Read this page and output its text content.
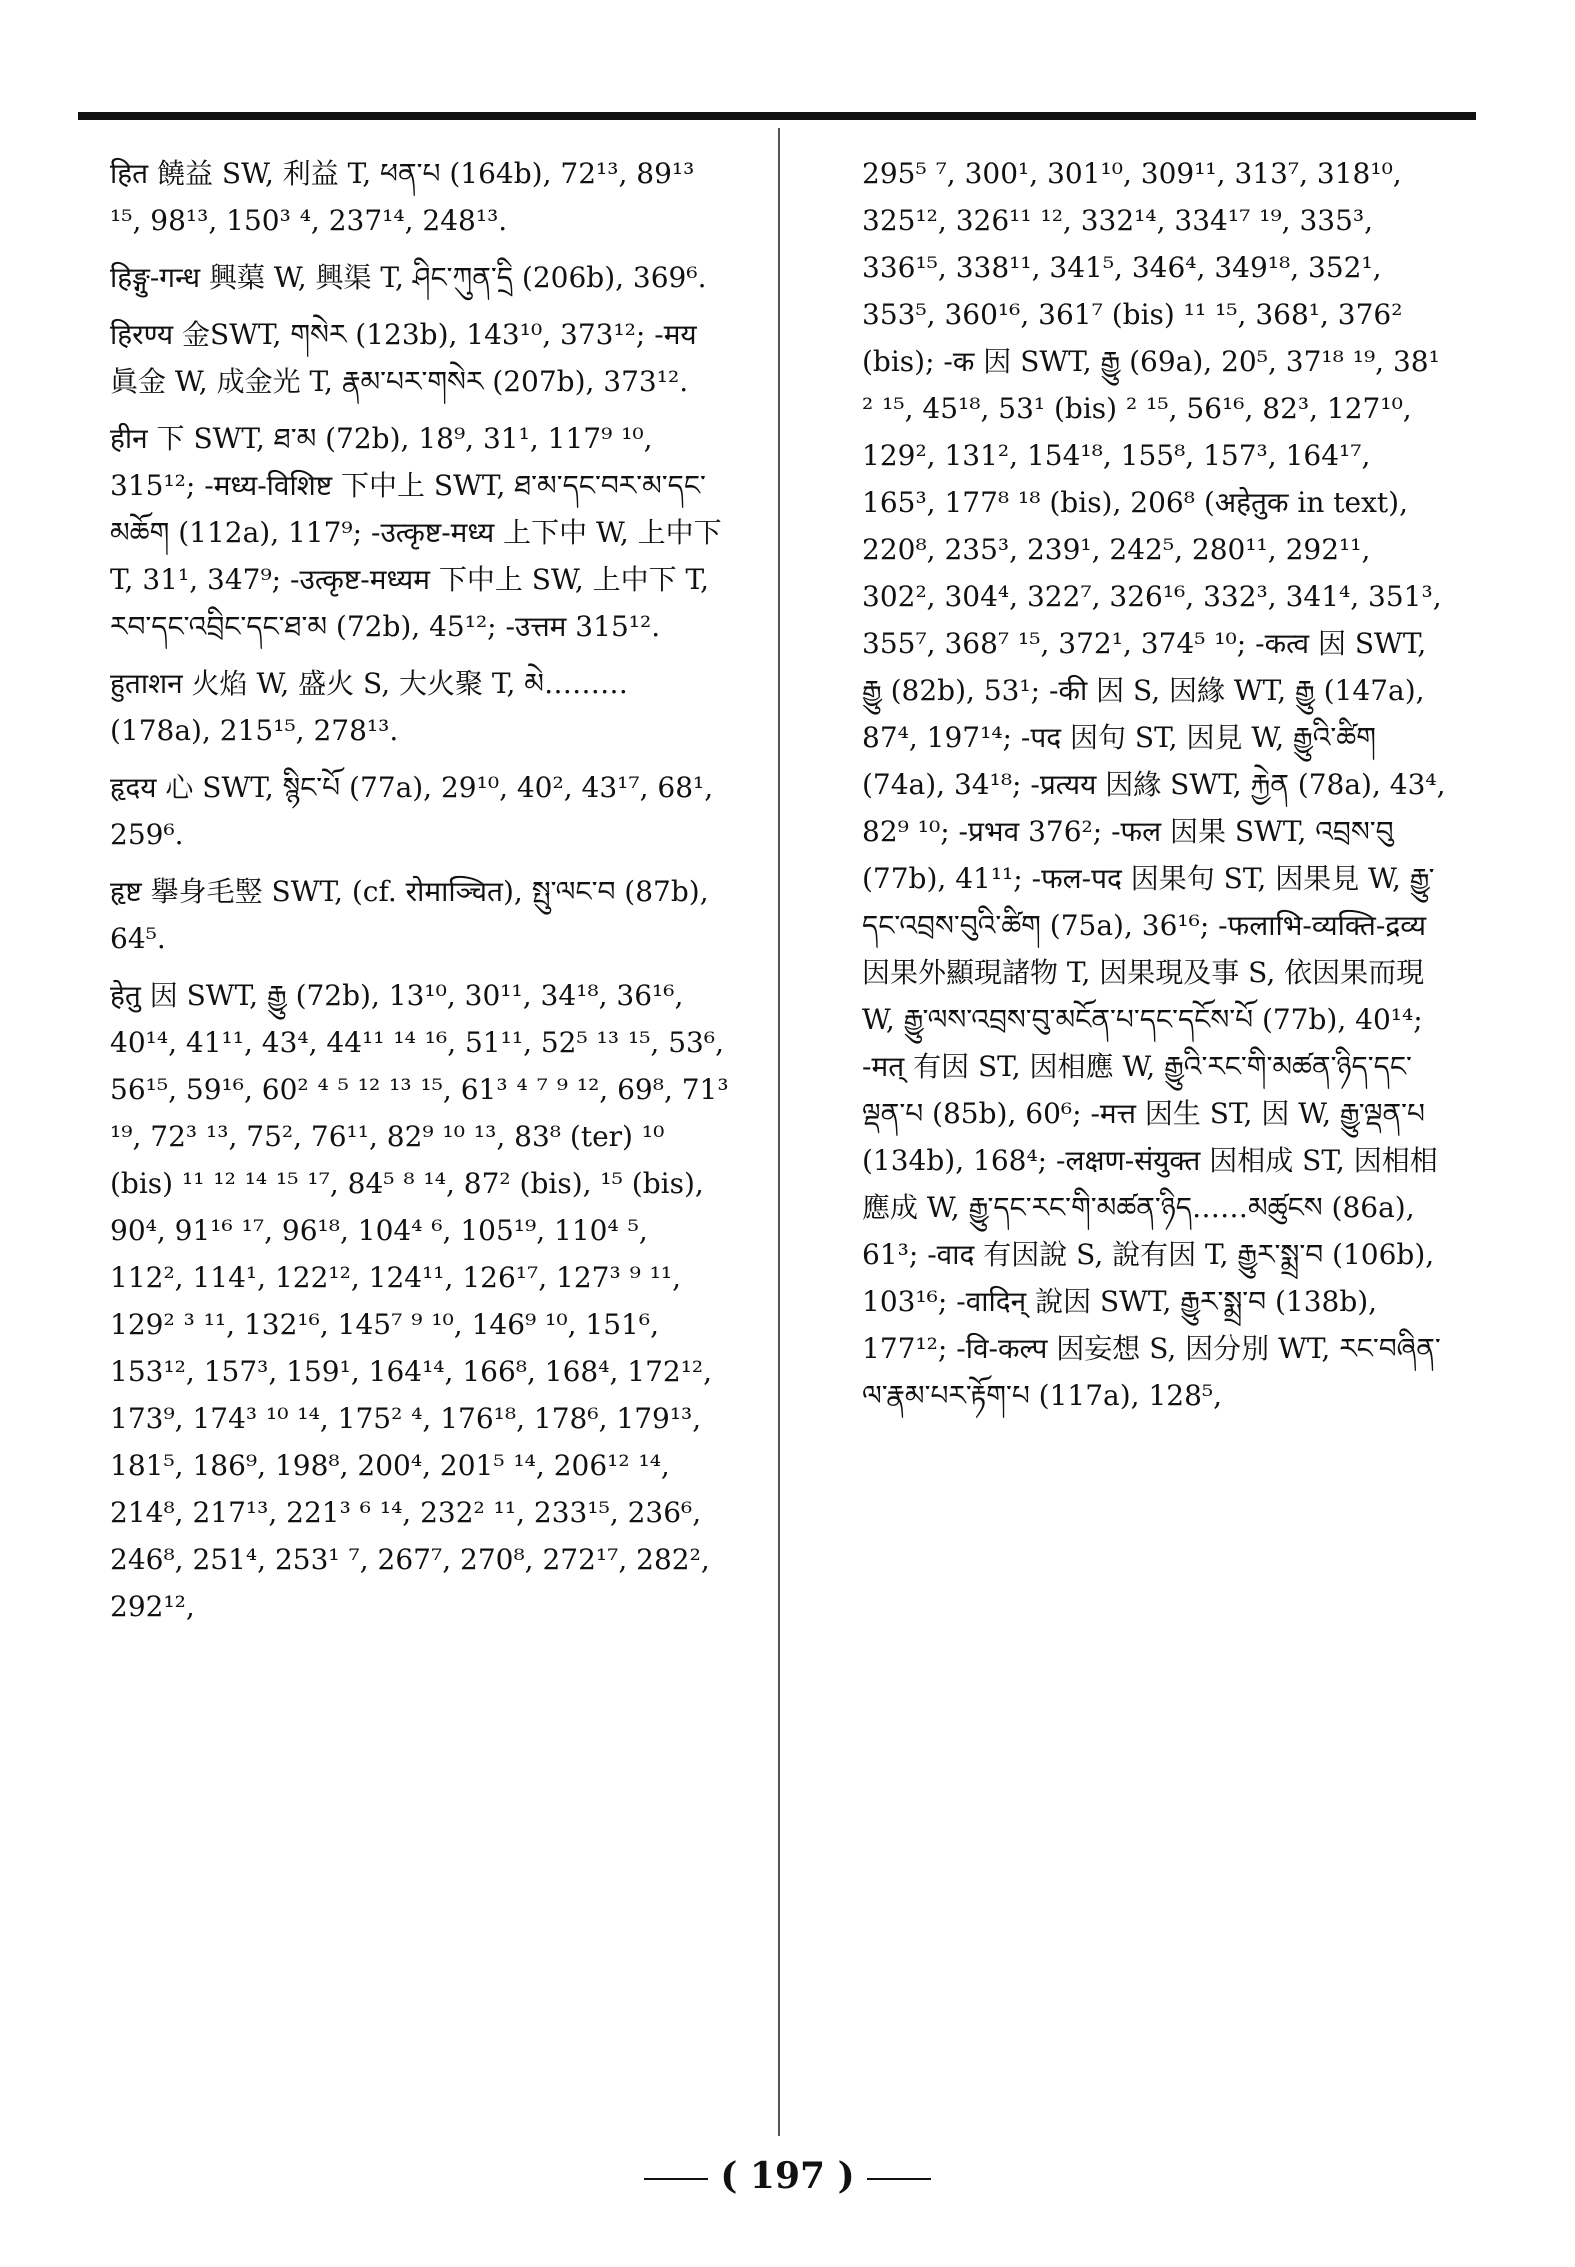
हित 饒益 SW, 利益 T, ཕན་པ (164b), 72¹³, 89¹³ ¹⁵, 98¹³, 150³ ⁴, 237¹⁴, 248¹³.
हिङ्गु-गन्ध 興蕖 W, 興渠 T, ཤིང་ཀུན་དྲི (206b), 369⁶.
हिरण्य 金SWT, གསེར (123b), 143¹⁰, 373¹²; -मय 眞金 W, 成金光 T, རྣམ་པར་གསེར (207b), 373¹².
हीन 下 SWT, ཐ་མ (72b), 18⁹, 31¹, 117⁹ ¹⁰, 315¹²; -मध्य-विशिष्ट 下中上 SWT, ཐ་མ་དང་བར་མ་དང་མཆོག (112a), 117⁹; -उत्कृष्ट-मध्य 上下中 W, 上中下 T, 31¹, 347⁹; -उत्कृष्ट-मध्यम 下中上 SW, 上中下 T, རབ་དང་འབྲིང་དང་ཐ་མ (72b), 45¹²; -उत्तम 315¹².
हुताशन 火焰 W, 盛火 S, 大火聚 T, མེ……… (178a), 215¹⁵, 278¹³.
हृदय 心 SWT, སྙིང་པོ (77a), 29¹⁰, 40², 43¹⁷, 68¹, 259⁶.
हृष्ट 擧身毛竪 SWT, (cf. रोमाञ्चित), སྤུ་ལང་བ (87b), 64⁵.
हेतु 因 SWT, རྒྱུ (72b), 13¹⁰, 30¹¹, 34¹⁸, 36¹⁶, 40¹⁴, 41¹¹, 43⁴, 44¹¹ ¹⁴ ¹⁶, 51¹¹, 52⁵ ¹³ ¹⁵, 53⁶, 56¹⁵, 59¹⁶, 60² ⁴ ⁵ ¹² ¹³ ¹⁵, 61³ ⁴ ⁷ ⁹ ¹², 69⁸, 71³ ¹⁹, 72³ ¹³, 75², 76¹¹, 82⁹ ¹⁰ ¹³, 83⁸ (ter) ¹⁰ (bis) ¹¹ ¹² ¹⁴ ¹⁵ ¹⁷, 84⁵ ⁸ ¹⁴, 87² (bis), ¹⁵ (bis), 90⁴, 91¹⁶ ¹⁷, 96¹⁸, 104⁴ ⁶, 105¹⁹, 110⁴ ⁵, 112², 114¹, 122¹², 124¹¹, 126¹⁷, 127³ ⁹ ¹¹, 129² ³ ¹¹, 132¹⁶, 145⁷ ⁹ ¹⁰, 146⁹ ¹⁰, 151⁶, 153¹², 157³, 159¹, 164¹⁴, 166⁸, 168⁴, 172¹², 173⁹, 174³ ¹⁰ ¹⁴, 175² ⁴, 176¹⁸, 178⁶, 179¹³, 181⁵, 186⁹, 198⁸, 200⁴, 201⁵ ¹⁴, 206¹² ¹⁴, 214⁸, 217¹³, 221³ ⁶ ¹⁴, 232² ¹¹, 233¹⁵, 236⁶, 246⁸, 251⁴, 253¹ ⁷, 267⁷, 270⁸, 272¹⁷, 282², 292¹²,
295⁵ ⁷, 300¹, 301¹⁰, 309¹¹, 313⁷, 318¹⁰, 325¹², 326¹¹ ¹², 332¹⁴, 334¹⁷ ¹⁹, 335³, 336¹⁵, 338¹¹, 341⁵, 346⁴, 349¹⁸, 352¹, 353⁵, 360¹⁶, 361⁷ (bis) ¹¹ ¹⁵, 368¹, 376² (bis); -क 因 SWT, རྒྱུ (69a), 20⁵, 37¹⁸ ¹⁹, 38¹ ² ¹⁵, 45¹⁸, 53¹ (bis) ² ¹⁵, 56¹⁶, 82³, 127¹⁰, 129², 131², 154¹⁸, 155⁸, 157³, 164¹⁷, 165³, 177⁸ ¹⁸ (bis), 206⁸ (अहेतुक in text), 220⁸, 235³, 239¹, 242⁵, 280¹¹, 292¹¹, 302², 304⁴, 322⁷, 326¹⁶, 332³, 341⁴, 351³, 355⁷, 368⁷ ¹⁵, 372¹, 374⁵ ¹⁰; -कत्व 因 SWT, རྒྱུ (82b), 53¹; -की 因 S, 因緣 WT, རྒྱུ (147a), 87⁴, 197¹⁴; -पद 因句 ST, 因見 W, རྒྱུའི་ཚིག (74a), 34¹⁸; -प्रत्यय 因緣 SWT, རྐྱེན (78a), 43⁴, 82⁹ ¹⁰; -प्रभव 376²; -फल 因果 SWT, འབྲས་བུ (77b), 41¹¹; -फल-पद 因果句 ST, 因果見 W, རྒྱུ་དང་འབྲས་བུའི་ཚིག (75a), 36¹⁶; -फलाभि-व्यक्ति-द्रव्य 因果外顯現諸物 T, 因果現及事 S, 依因果而現 W, རྒྱུ་ལས་འབྲས་བུ་མངོན་པ་དང་དངོས་པོ (77b), 40¹⁴; -मत् 有因 ST, 因相應 W, རྒྱུའི་རང་གི་མཚན་ཉིད་དང་ལྡན་པ (85b), 60⁶; -मत्त 因生 ST, 因 W, རྒྱུ་ལྡན་པ (134b), 168⁴; -लक्षण-संयुक्त 因相成 ST, 因相相應成 W, རྒྱུ་དང་རང་གི་མཚན་ཉིད……མཚུངས (86a), 61³; -वाद 有因說 S, 說有因 T, རྒྱུར་སྨྲ་བ (106b), 103¹⁶; -वादिन् 說因 SWT, རྒྱུར་སྨྲ་བ (138b), 177¹²; -वि-कल्प 因妄想 S, 因分別 WT, རང་བཞིན་ལ་རྣམ་པར་རྟོག་པ (117a), 128⁵,
( 197 )
